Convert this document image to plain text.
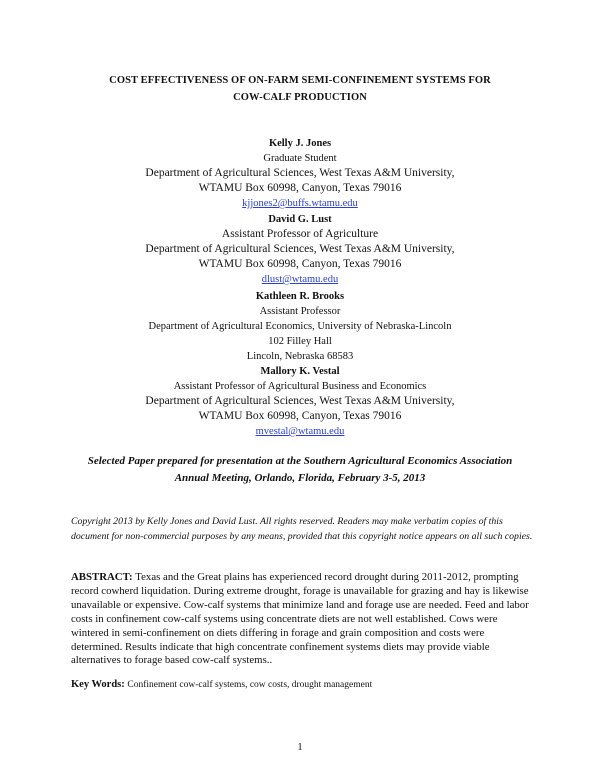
COST EFFECTIVENESS OF ON-FARM SEMI-CONFINEMENT SYSTEMS FOR
COW-CALF PRODUCTION
Kelly J. Jones
Graduate Student
Department of Agricultural Sciences, West Texas A&M University,
WTAMU Box 60998, Canyon, Texas 79016
kjjones2@buffs.wtamu.edu
David G. Lust
Assistant Professor of Agriculture
Department of Agricultural Sciences, West Texas A&M University,
WTAMU Box 60998, Canyon, Texas 79016
dlust@wtamu.edu
Kathleen R. Brooks
Assistant Professor
Department of Agricultural Economics, University of Nebraska-Lincoln
102 Filley Hall
Lincoln, Nebraska 68583
Mallory K. Vestal
Assistant Professor of Agricultural Business and Economics
Department of Agricultural Sciences, West Texas A&M University,
WTAMU Box 60998, Canyon, Texas 79016
mvestal@wtamu.edu
Selected Paper prepared for presentation at the Southern Agricultural Economics Association
Annual Meeting, Orlando, Florida, February 3-5, 2013
Copyright 2013 by Kelly Jones and David Lust. All rights reserved. Readers may make verbatim copies of this document for non-commercial purposes by any means, provided that this copyright notice appears on all such copies.
ABSTRACT: Texas and the Great plains has experienced record drought during 2011-2012, prompting record cowherd liquidation. During extreme drought, forage is unavailable for grazing and hay is likewise unavailable or expensive. Cow-calf systems that minimize land and forage use are needed. Feed and labor costs in confinement cow-calf systems using concentrate diets are not well established. Cows were wintered in semi-confinement on diets differing in forage and grain composition and costs were determined. Results indicate that high concentrate confinement systems diets may provide viable alternatives to forage based cow-calf systems..
Key Words: Confinement cow-calf systems, cow costs, drought management
1
